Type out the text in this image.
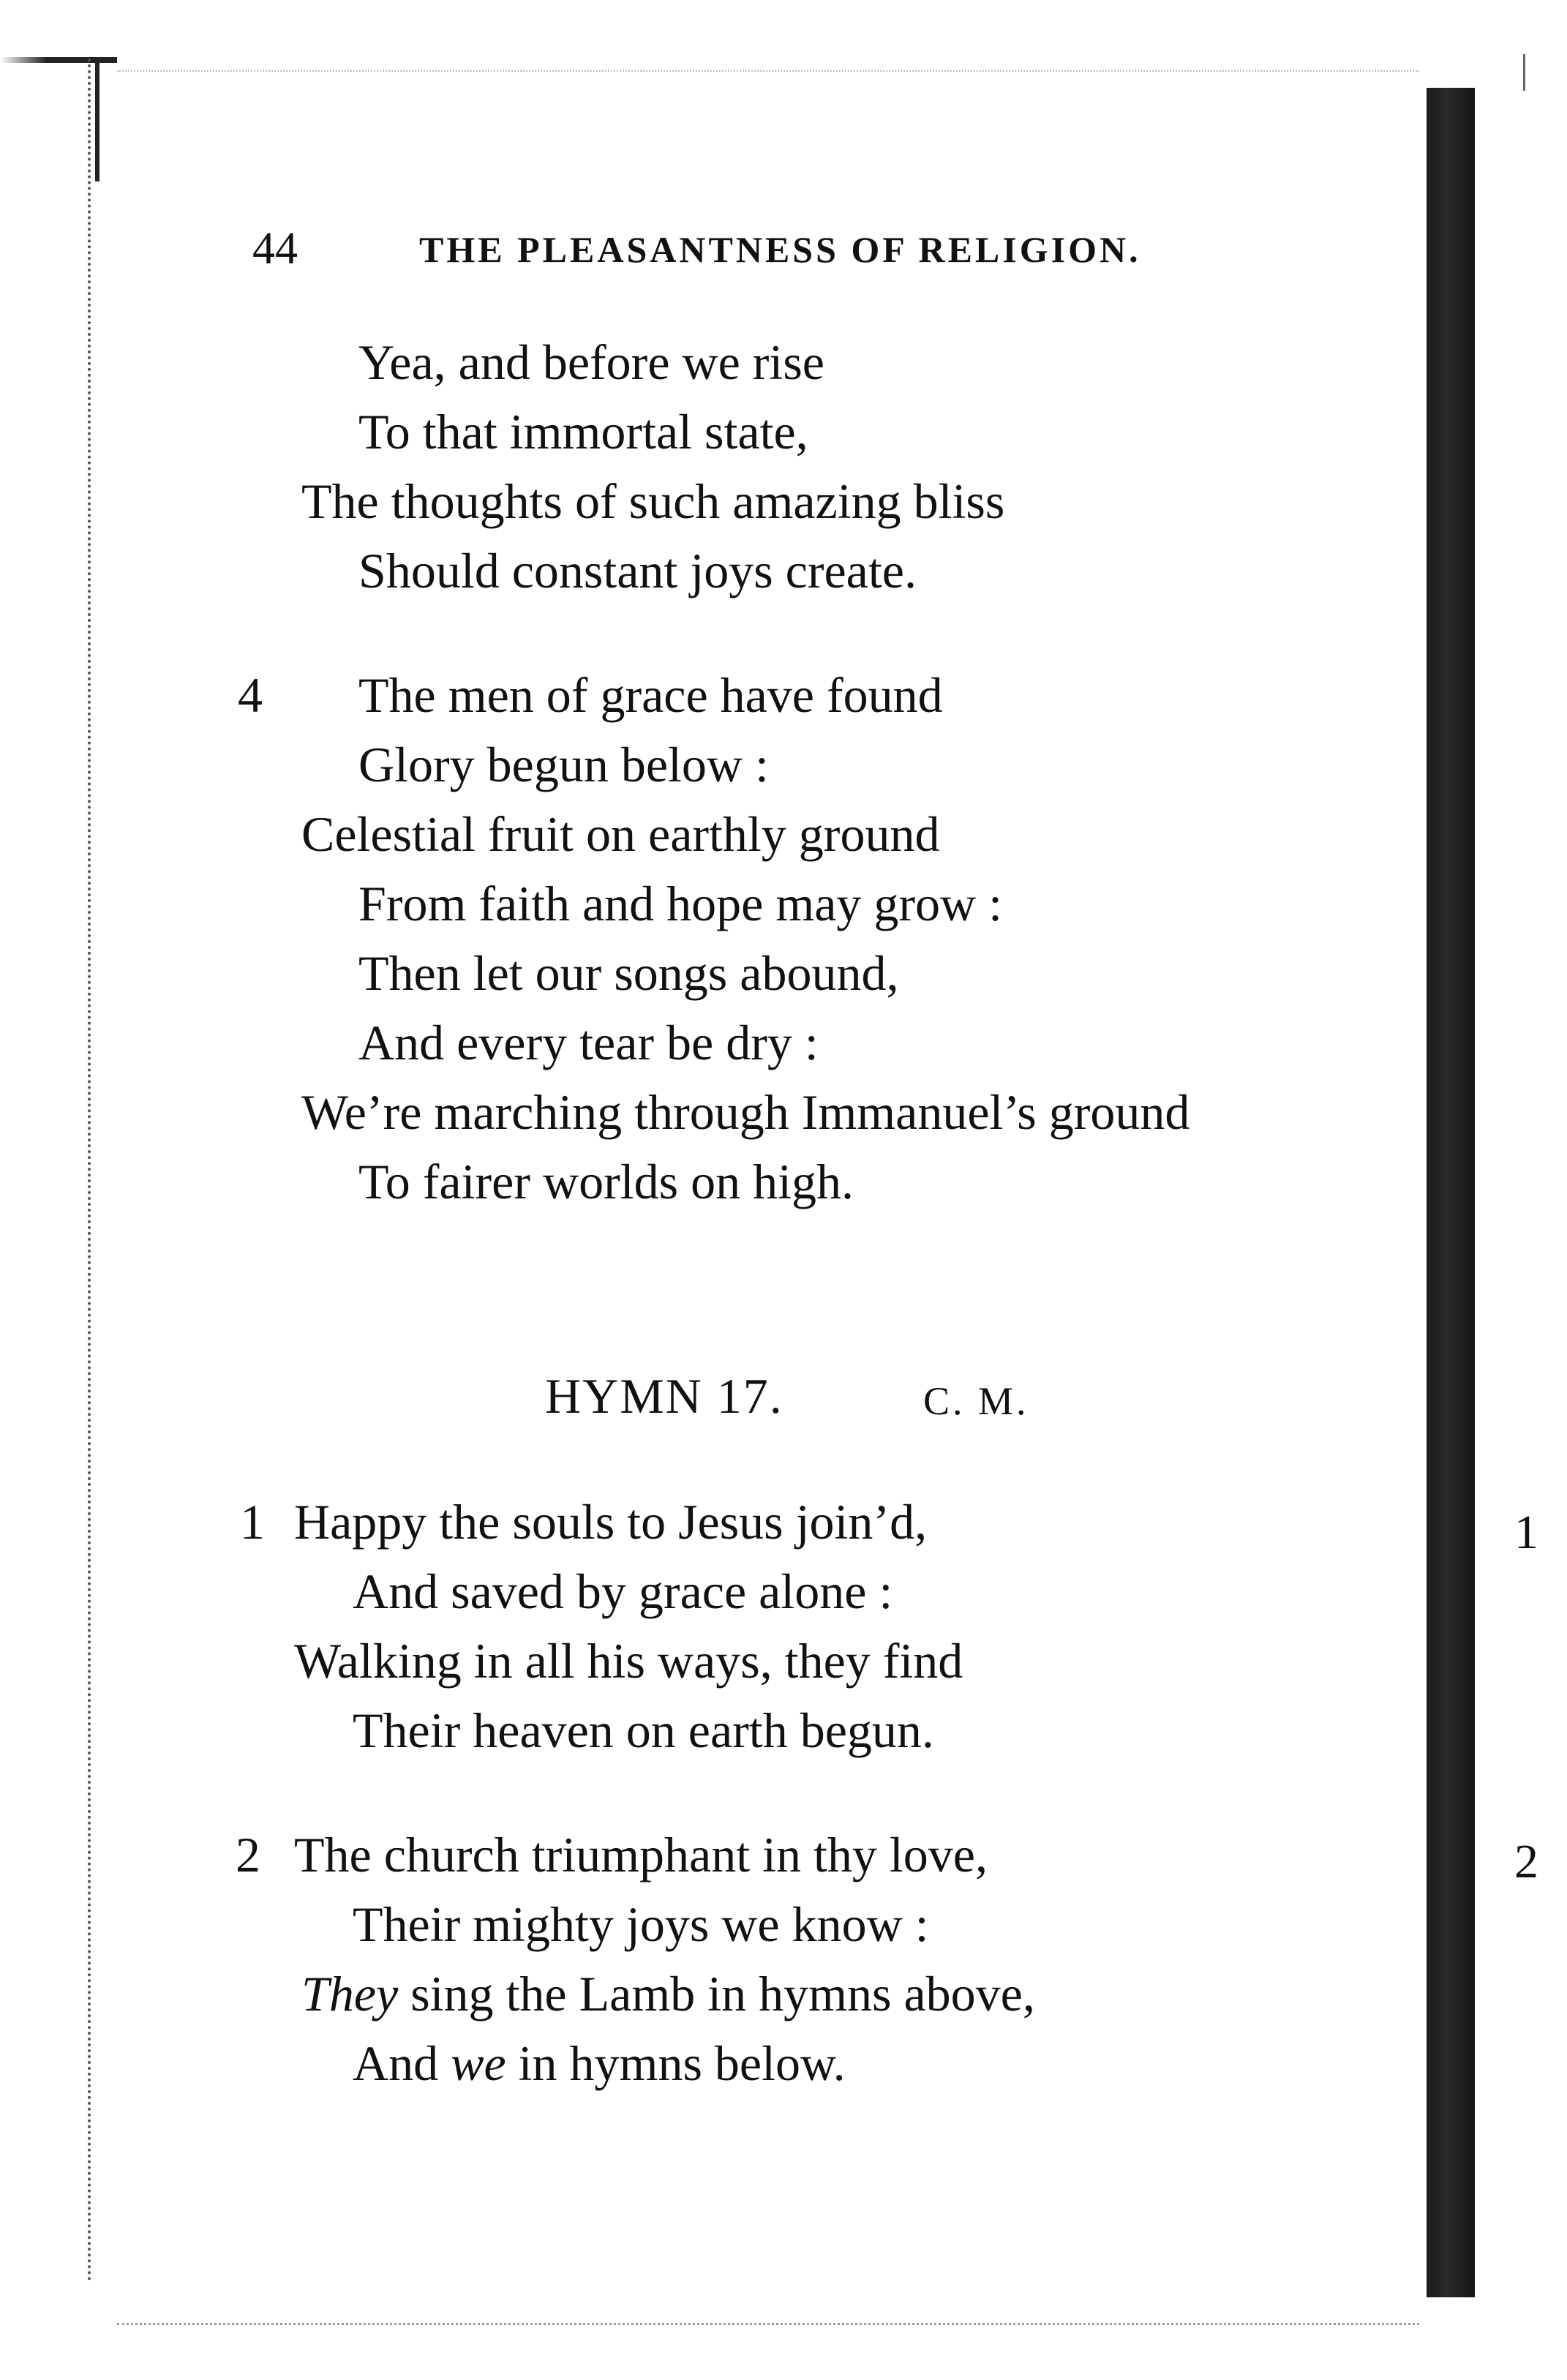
44	THE PLEASANTNESS OF RELIGION.
Yea, and before we rise
To that immortal state,
The thoughts of such amazing bliss
Should constant joys create.
4 The men of grace have found
Glory begun below :
Celestial fruit on earthly ground
From faith and hope may grow :
Then let our songs abound,
And every tear be dry :
We’re marching through Immanuel’s ground
To fairer worlds on high.
HYMN 17.	C. M.
1 Happy the souls to Jesus join’d,
And saved by grace alone :
Walking in all his ways, they find
Their heaven on earth begun.
2 The church triumphant in thy love,
Their mighty joys we know :
They sing the Lamb in hymns above,
And we in hymns below.
1
2
